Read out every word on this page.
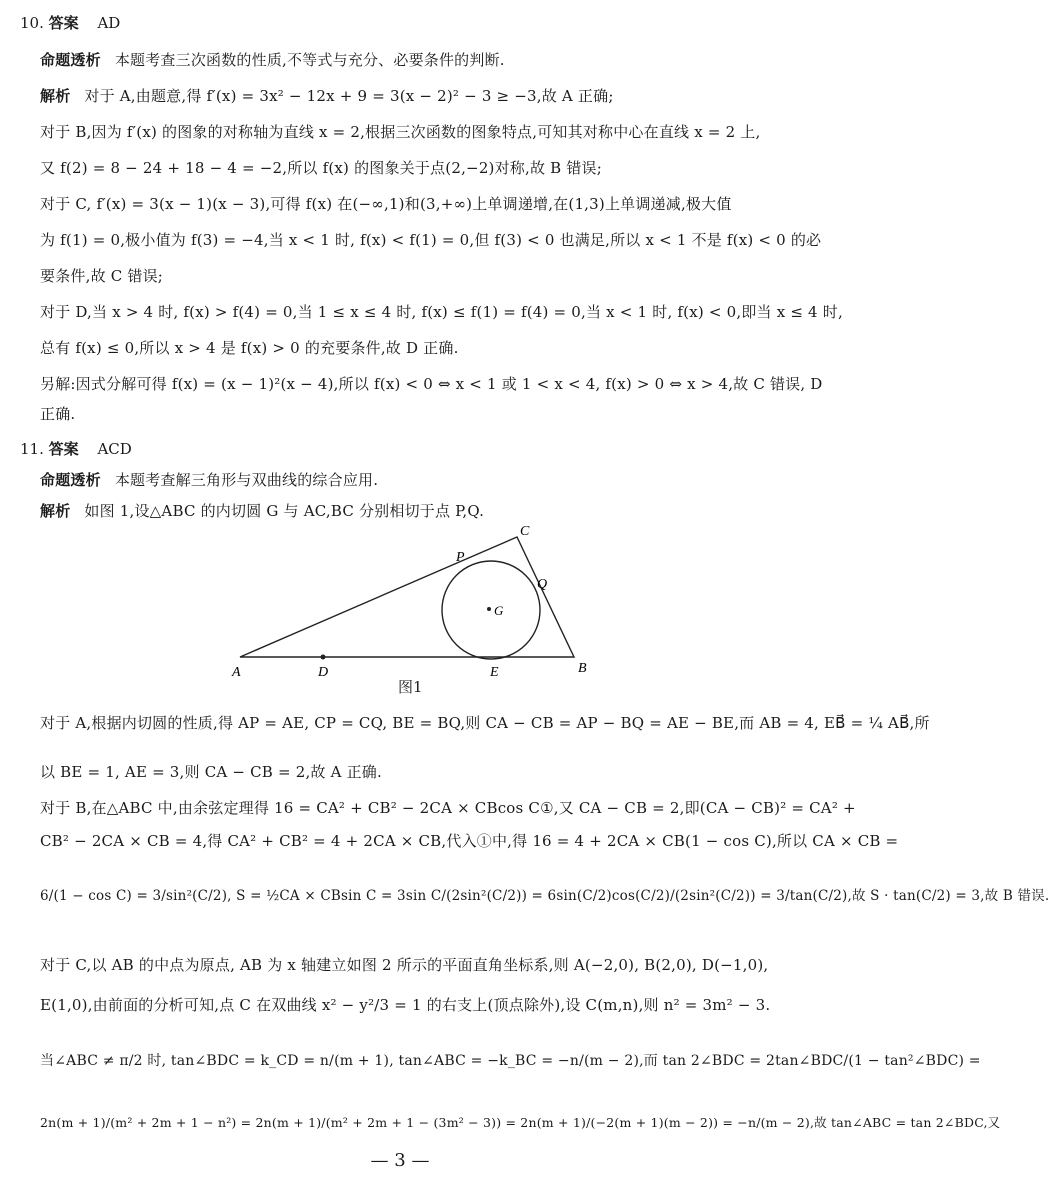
10. 答案 AD
命题透析 本题考查三次函数的性质,不等式与充分、必要条件的判断.
解析 对于 A,由题意,得 f′(x) = 3x² − 12x + 9 = 3(x − 2)² − 3 ≥ −3,故 A 正确;
对于 B,因为 f′(x) 的图象的对称轴为直线 x = 2,根据三次函数的图象特点,可知其对称中心在直线 x = 2 上,
又 f(2) = 8 − 24 + 18 − 4 = −2,所以 f(x) 的图象关于点(2,−2)对称,故 B 错误;
对于 C, f′(x) = 3(x − 1)(x − 3),可得 f(x) 在(−∞,1)和(3,+∞)上单调递增,在(1,3)上单调递减,极大值
为 f(1) = 0,极小值为 f(3) = −4,当 x < 1 时, f(x) < f(1) = 0,但 f(3) < 0 也满足,所以 x < 1 不是 f(x) < 0 的必
要条件,故 C 错误;
对于 D,当 x > 4 时, f(x) > f(4) = 0,当 1 ≤ x ≤ 4 时, f(x) ≤ f(1) = f(4) = 0,当 x < 1 时, f(x) < 0,即当 x ≤ 4 时,
总有 f(x) ≤ 0,所以 x > 4 是 f(x) > 0 的充要条件,故 D 正确.
另解:因式分解可得 f(x) = (x − 1)²(x − 4),所以 f(x) < 0 ⇔ x < 1 或 1 < x < 4, f(x) > 0 ⇔ x > 4,故 C 错误, D
正确.
11. 答案 ACD
命题透析 本题考查解三角形与双曲线的综合应用.
解析 如图 1,设△ABC 的内切圆 G 与 AC,BC 分别相切于点 P,Q.
A	B
C
D	E
P
Q
G
图1
对于 A,根据内切圆的性质,得 AP = AE, CP = CQ, BE = BQ,则 CA − CB = AP − BQ = AE − BE,而 AB = 4, EB⃗ = ¼ AB⃗,所
以 BE = 1, AE = 3,则 CA − CB = 2,故 A 正确.
对于 B,在△ABC 中,由余弦定理得 16 = CA² + CB² − 2CA × CBcos C①,又 CA − CB = 2,即(CA − CB)² = CA² +
CB² − 2CA × CB = 4,得 CA² + CB² = 4 + 2CA × CB,代入①中,得 16 = 4 + 2CA × CB(1 − cos C),所以 CA × CB =
6/(1 − cos C) = 3/sin²(C/2), S = ½CA × CBsin C = 3sin C/(2sin²(C/2)) = 6sin(C/2)cos(C/2)/(2sin²(C/2)) = 3/tan(C/2),故 S · tan(C/2) = 3,故 B 错误.
对于 C,以 AB 的中点为原点, AB 为 x 轴建立如图 2 所示的平面直角坐标系,则 A(−2,0), B(2,0), D(−1,0),
E(1,0),由前面的分析可知,点 C 在双曲线 x² − y²/3 = 1 的右支上(顶点除外),设 C(m,n),则 n² = 3m² − 3.
当∠ABC ≠ π/2 时, tan∠BDC = k_CD = n/(m + 1), tan∠ABC = −k_BC = −n/(m − 2),而 tan 2∠BDC = 2tan∠BDC/(1 − tan²∠BDC) =
2n(m + 1)/(m² + 2m + 1 − n²) = 2n(m + 1)/(m² + 2m + 1 − (3m² − 3)) = 2n(m + 1)/(−2(m + 1)(m − 2)) = −n/(m − 2),故 tan∠ABC = tan 2∠BDC,又
— 3 —
